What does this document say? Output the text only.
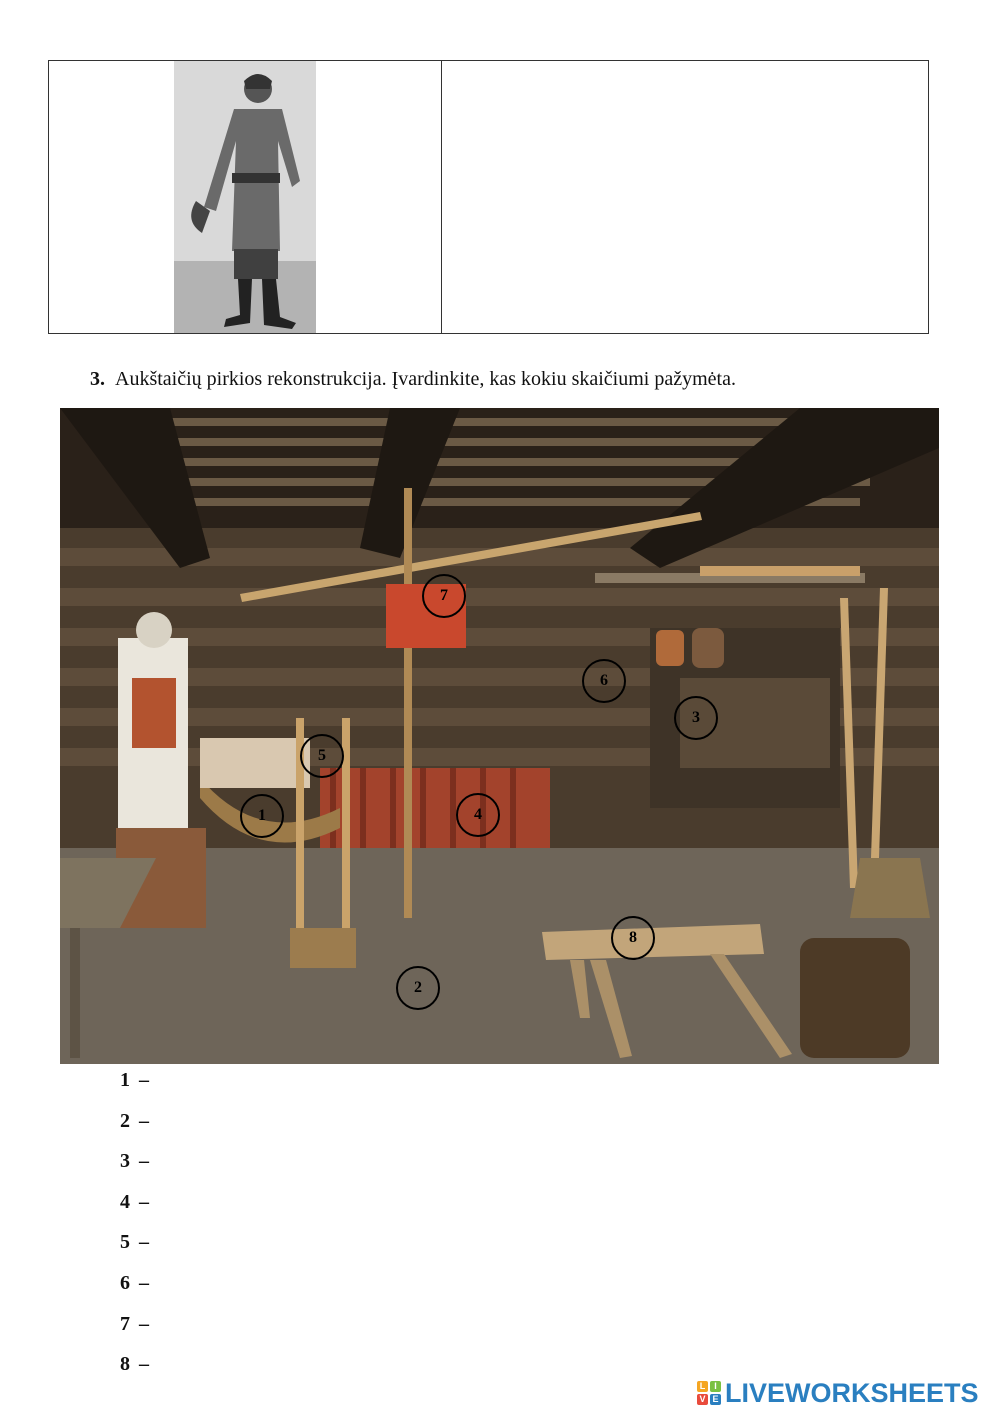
3. Aukštaičių pirkios rekonstrukcija. Įvardinkite, kas kokiu skaičiumi pažymėta.
7
6
3
5
1	4
8
2
1 –
2 –
3 –
4 –
5 –
6 –
7 –
8 –
L I
V E LIVEWORKSHEETS
